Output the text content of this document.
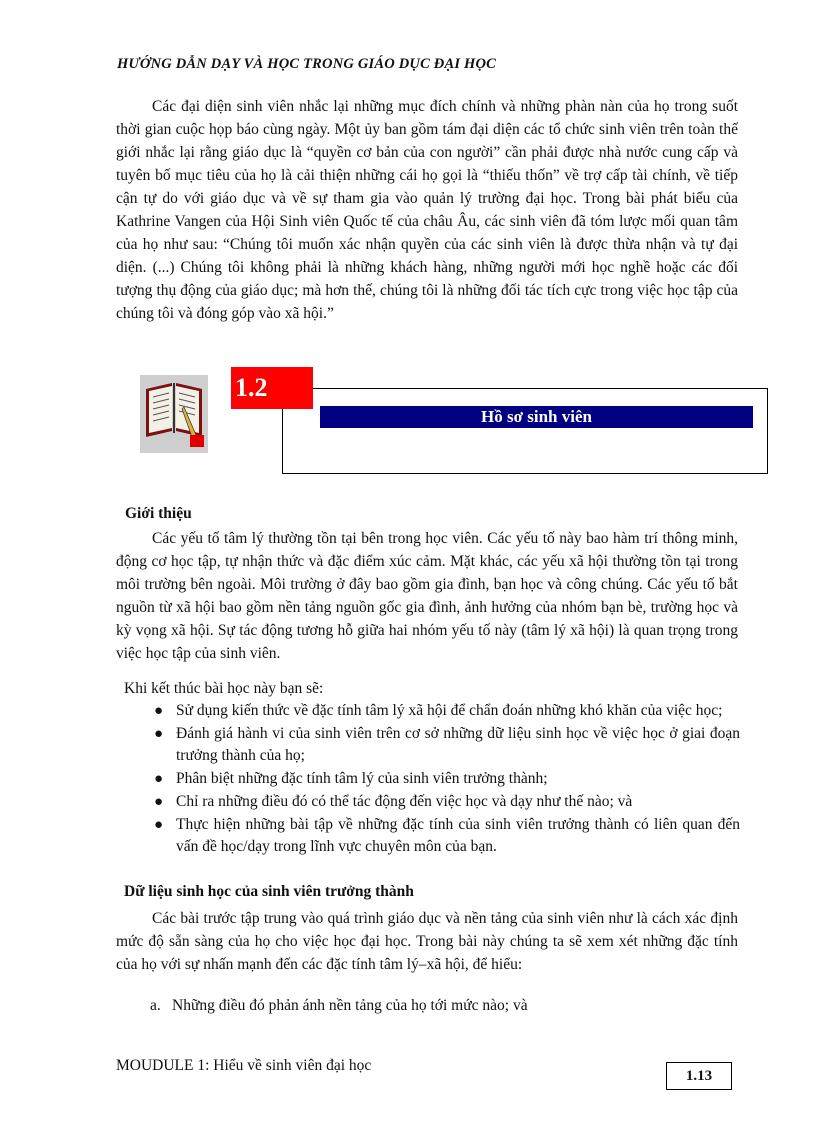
HƯỚNG DẪN DẠY VÀ HỌC TRONG GIÁO DỤC ĐẠI HỌC
Các đại diện sinh viên nhắc lại những mục đích chính và những phàn nàn của họ trong suốt thời gian cuộc họp báo cùng ngày. Một ủy ban gồm tám đại diện các tổ chức sinh viên trên toàn thế giới nhắc lại rằng giáo dục là “quyền cơ bản của con người” cần phải được nhà nước cung cấp và tuyên bố mục tiêu của họ là cải thiện những cái họ gọi là “thiếu thốn” về trợ cấp tài chính, về tiếp cận tự do với giáo dục và về sự tham gia vào quản lý trường đại học. Trong bài phát biểu của Kathrine Vangen của Hội Sinh viên Quốc tế của châu Âu, các sinh viên đã tóm lược mối quan tâm của họ như sau: “Chúng tôi muốn xác nhận quyền của các sinh viên là được thừa nhận và tự đại diện. (...) Chúng tôi không phải là những khách hàng, những người mới học nghề hoặc các đối tượng thụ động của giáo dục; mà hơn thế, chúng tôi là những đối tác tích cực trong việc học tập của chúng tôi và đóng góp vào xã hội.”
1.2
Hồ sơ sinh viên
Giới thiệu
Các yếu tố tâm lý thường tồn tại bên trong học viên. Các yếu tố này bao hàm trí thông minh, động cơ học tập, tự nhận thức và đặc điểm xúc cảm. Mặt khác, các yếu xã hội thường tồn tại trong môi trường bên ngoài. Môi trường ở đây bao gồm gia đình, bạn học và công chúng. Các yếu tố bắt nguồn từ xã hội bao gồm nền tảng nguồn gốc gia đình, ảnh hưởng của nhóm bạn bè, trường học và kỳ vọng xã hội. Sự tác động tương hỗ giữa hai nhóm yếu tố này (tâm lý xã hội) là quan trọng trong việc học tập của sinh viên.
Khi kết thúc bài học này bạn sẽ:
● Sử dụng kiến thức về đặc tính tâm lý xã hội để chẩn đoán những khó khăn của việc học;
● Đánh giá hành vi của sinh viên trên cơ sở những dữ liệu sinh học về việc học ở giai đoạn trưởng thành của họ;
● Phân biệt những đặc tính tâm lý của sinh viên trưởng thành;
● Chỉ ra những điều đó có thể tác động đến việc học và dạy như thế nào; và
● Thực hiện những bài tập về những đặc tính của sinh viên trưởng thành có liên quan đến vấn đề học/dạy trong lĩnh vực chuyên môn của bạn.
Dữ liệu sinh học của sinh viên trưởng thành
Các bài trước tập trung vào quá trình giáo dục và nền tảng của sinh viên như là cách xác định mức độ sẵn sàng của họ cho việc học đại học. Trong bài này chúng ta sẽ xem xét những đặc tính của họ với sự nhấn mạnh đến các đặc tính tâm lý–xã hội, để hiểu:
a. Những điều đó phản ánh nền tảng của họ tới mức nào; và
MOUDULE 1: Hiểu về sinh viên đại học
1.13
